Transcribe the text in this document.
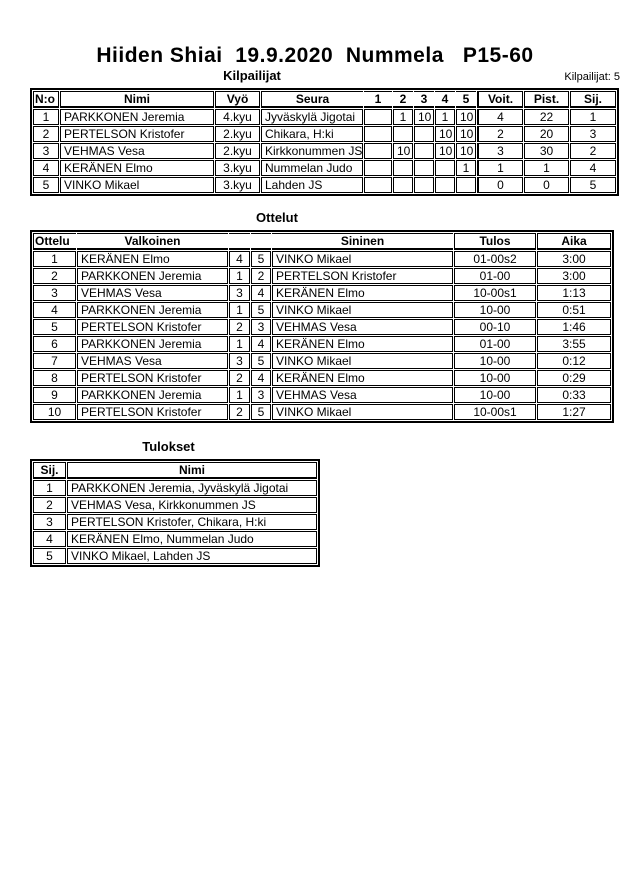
Hiiden Shiai  19.9.2020  Nummela   P15-60
Kilpailijat	Kilpailijat: 5
N:o	Nimi	Vyö	Seura	1	2	3	4	5	Voit.	Pist.	Sij.
1	PARKKONEN Jeremia	4.kyu	Jyväskylä Jigotai		1	10	1	10	4	22	1
2	PERTELSON Kristofer	2.kyu	Chikara, H:ki				10	10	2	20	3
3	VEHMAS Vesa	2.kyu	Kirkkonummen JS		10		10	10	3	30	2
4	KERÄNEN Elmo	3.kyu	Nummelan Judo					1	1	1	4
5	VINKO Mikael	3.kyu	Lahden JS						0	0	5
Ottelut
Ottelu	Valkoinen			Sininen	Tulos	Aika
1	KERÄNEN Elmo	4	5	VINKO Mikael	01-00s2	3:00
2	PARKKONEN Jeremia	1	2	PERTELSON Kristofer	01-00	3:00
3	VEHMAS Vesa	3	4	KERÄNEN Elmo	10-00s1	1:13
4	PARKKONEN Jeremia	1	5	VINKO Mikael	10-00	0:51
5	PERTELSON Kristofer	2	3	VEHMAS Vesa	00-10	1:46
6	PARKKONEN Jeremia	1	4	KERÄNEN Elmo	01-00	3:55
7	VEHMAS Vesa	3	5	VINKO Mikael	10-00	0:12
8	PERTELSON Kristofer	2	4	KERÄNEN Elmo	10-00	0:29
9	PARKKONEN Jeremia	1	3	VEHMAS Vesa	10-00	0:33
10	PERTELSON Kristofer	2	5	VINKO Mikael	10-00s1	1:27
Tulokset
Sij.	Nimi
1	PARKKONEN Jeremia, Jyväskylä Jigotai
2	VEHMAS Vesa, Kirkkonummen JS
3	PERTELSON Kristofer, Chikara, H:ki
4	KERÄNEN Elmo, Nummelan Judo
5	VINKO Mikael, Lahden JS
